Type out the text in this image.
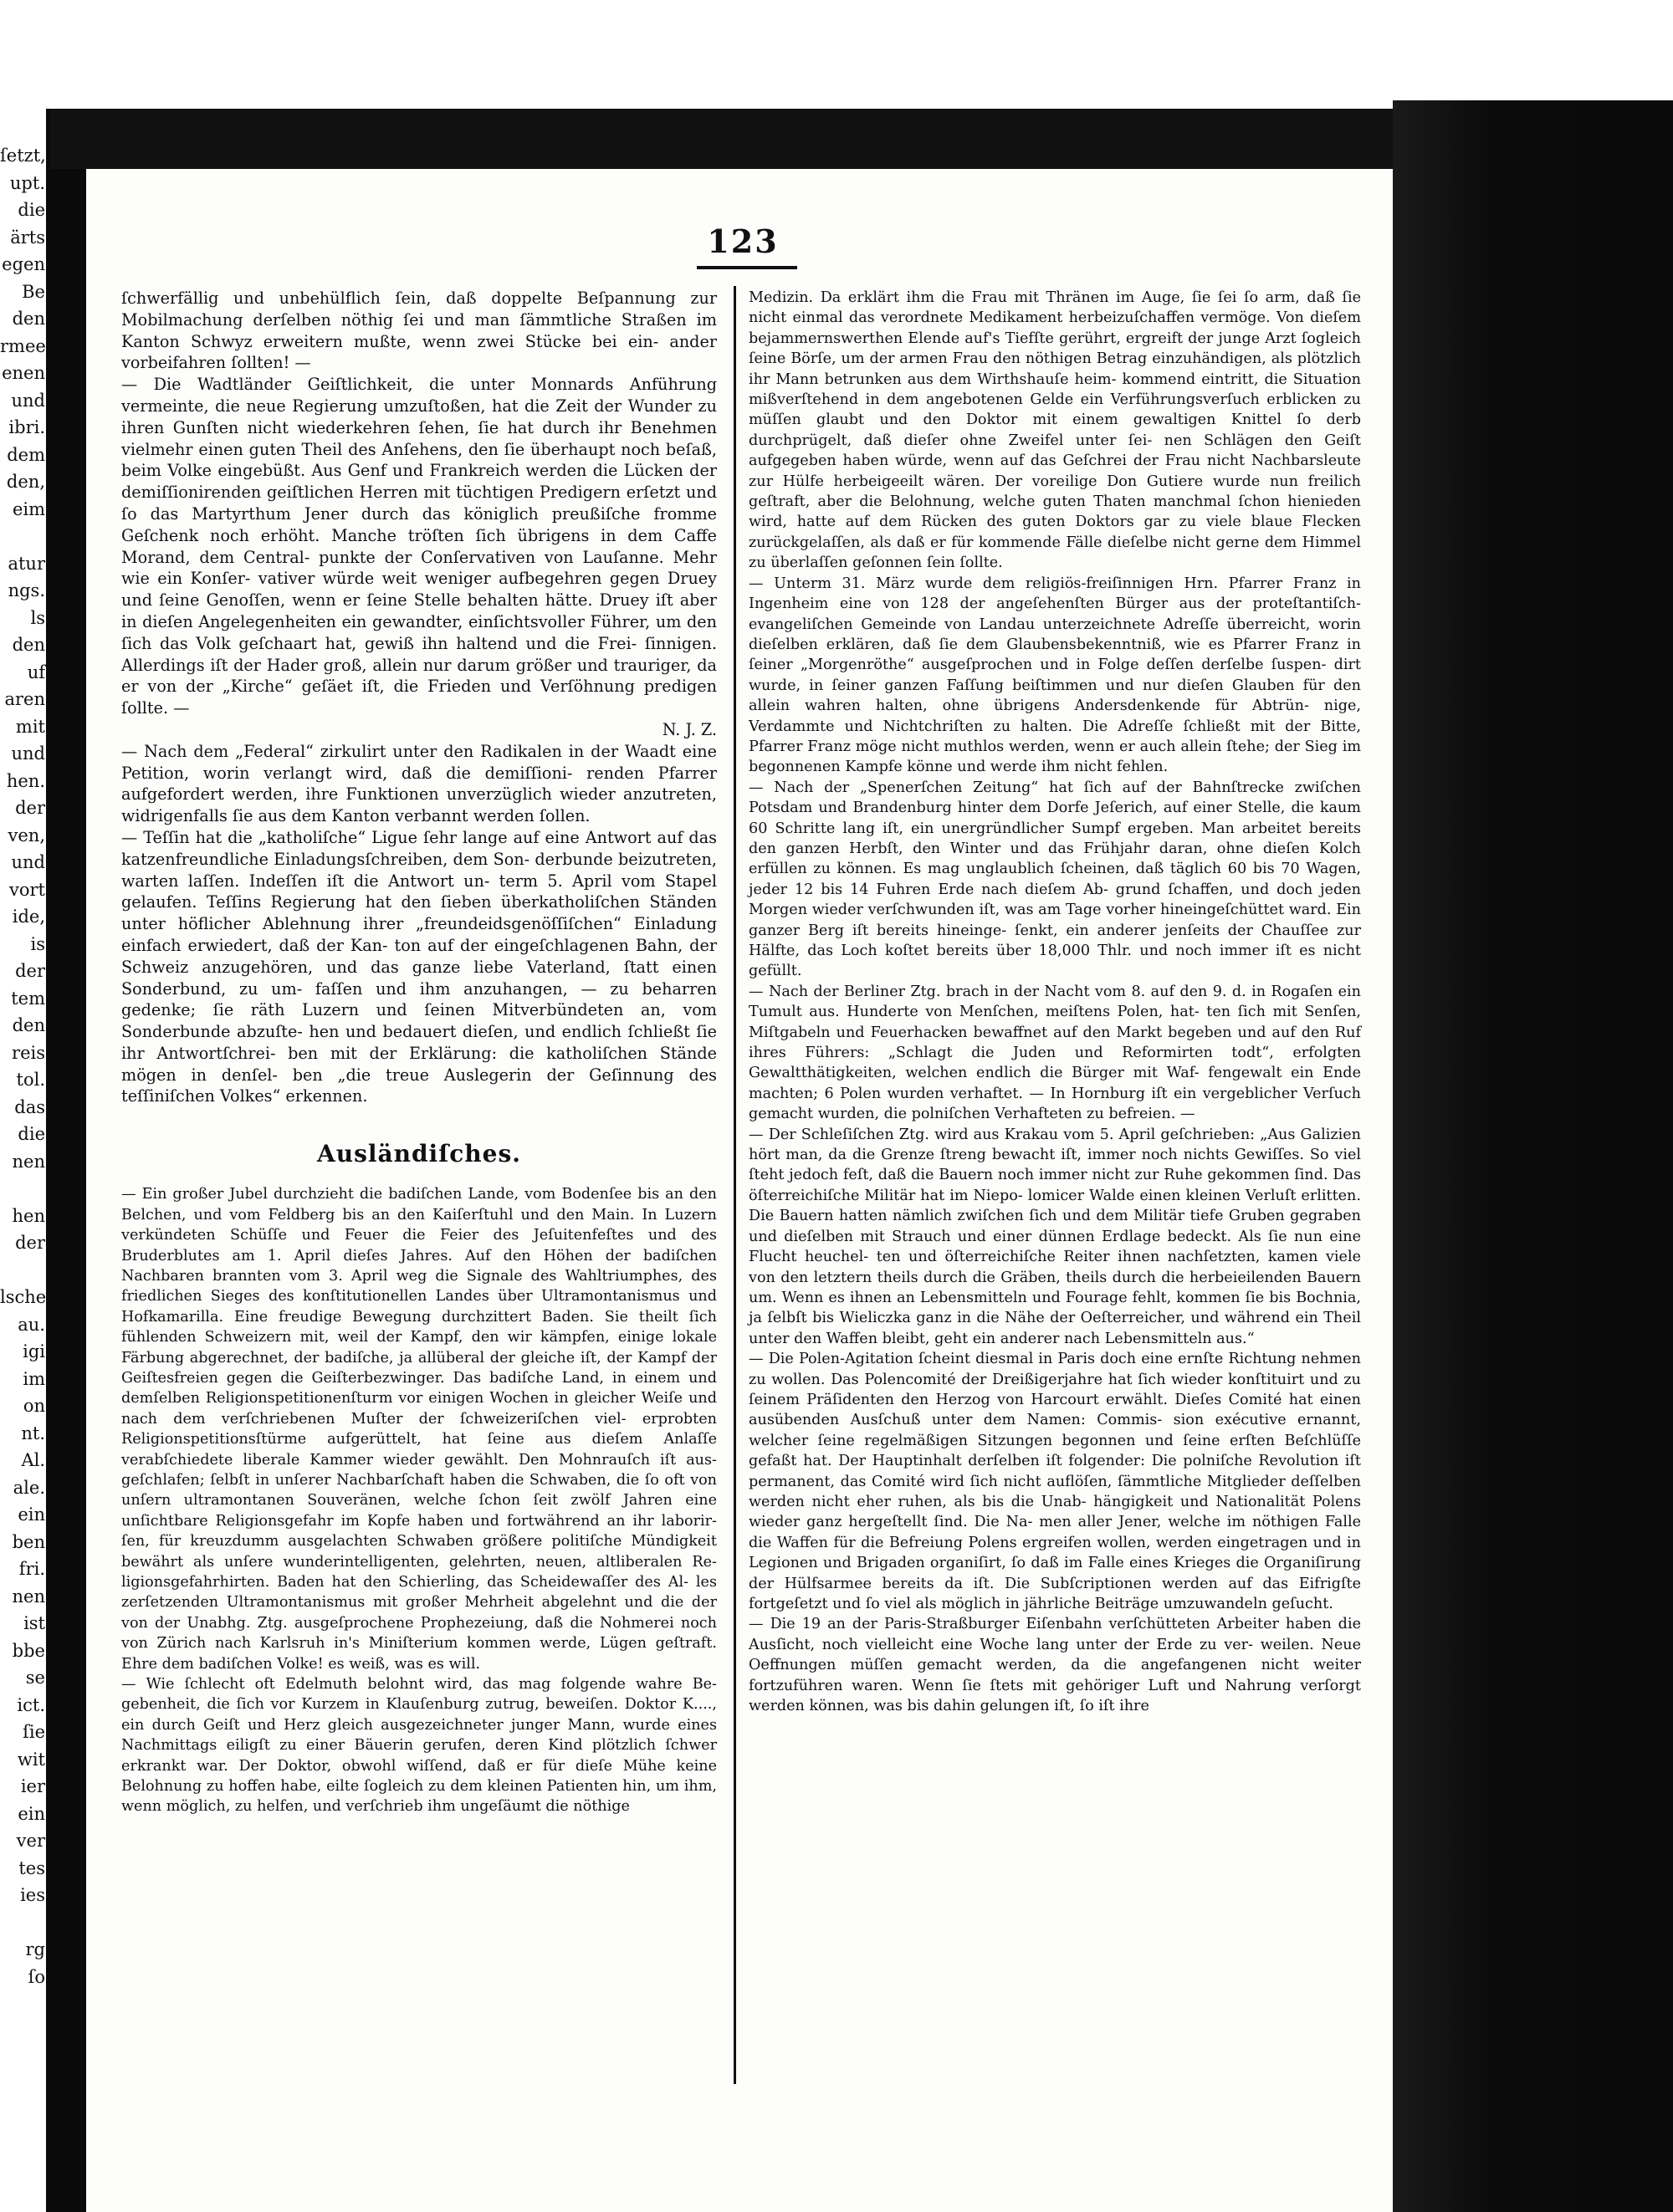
ſetzt,
upt.
die
ärts
egen
Be
den
rmee
enen
und
ibri.
dem
den,
eim

atur
ngs.
ls
den
uf
aren
mit
und
hen.
der
ven,
und
vort
ide,
is
der
tem
den
reis
tol.
das
die
nen

hen
der

lsche
au.
igi
im
on
nt.
Al.
ale.
ein
ben
fri.
nen
ist
bbe
se
ict.
ſie
wit
ier
ein
ver
tes
ies

rg
ſo
123

ſchwerfällig und unbehülflich ſein, daß doppelte Beſpannung zur Mobilmachung derſelben nöthig ſei und man ſämmtliche Straßen im Kanton Schwyz erweitern mußte, wenn zwei Stücke bei ein- ander vorbeifahren ſollten! —

— Die Wadtländer Geiſtlichkeit, die unter Monnards Anführung vermeinte, die neue Regierung umzuſtoßen, hat die Zeit der Wunder zu ihren Gunſten nicht wiederkehren ſehen, ſie hat durch ihr Benehmen vielmehr einen guten Theil des Anſehens, den ſie überhaupt noch beſaß, beim Volke eingebüßt. Aus Genf und Frankreich werden die Lücken der demiſſionirenden geiſtlichen Herren mit tüchtigen Predigern erſetzt und ſo das Martyrthum Jener durch das königlich preußiſche fromme Geſchenk noch erhöht. Manche tröſten ſich übrigens in dem Caffe Morand, dem Central- punkte der Conſervativen von Lauſanne. Mehr wie ein Konſer- vativer würde weit weniger aufbegehren gegen Druey und ſeine Genoſſen, wenn er ſeine Stelle behalten hätte. Druey iſt aber in dieſen Angelegenheiten ein gewandter, einſichtsvoller Führer, um den ſich das Volk geſchaart hat, gewiß ihn haltend und die Frei- ſinnigen. Allerdings iſt der Hader groß, allein nur darum größer und trauriger, da er von der „Kirche“ geſäet iſt, die Frieden und Verſöhnung predigen ſollte. —

N. J. Z.

— Nach dem „Federal“ zirkulirt unter den Radikalen in der Waadt eine Petition, worin verlangt wird, daß die demiſſioni- renden Pfarrer aufgefordert werden, ihre Funktionen unverzüglich wieder anzutreten, widrigenfalls ſie aus dem Kanton verbannt werden ſollen.

— Teſſin hat die „katholiſche“ Ligue ſehr lange auf eine Antwort auf das katzenfreundliche Einladungsſchreiben, dem Son- derbunde beizutreten, warten laſſen. Indeſſen iſt die Antwort un- term 5. April vom Stapel gelaufen. Teſſins Regierung hat den ſieben überkatholiſchen Ständen unter höflicher Ablehnung ihrer „freundeidsgenöſſiſchen“ Einladung einfach erwiedert, daß der Kan- ton auf der eingeſchlagenen Bahn, der Schweiz anzugehören, und das ganze liebe Vaterland, ſtatt einen Sonderbund, zu um- faſſen und ihm anzuhangen, — zu beharren gedenke; ſie räth Luzern und ſeinen Mitverbündeten an, vom Sonderbunde abzuſte- hen und bedauert dieſen, und endlich ſchließt ſie ihr Antwortſchrei- ben mit der Erklärung: die katholiſchen Stände mögen in denſel- ben „die treue Auslegerin der Geſinnung des teſſiniſchen Volkes“ erkennen.

Ausländiſches.

— Ein großer Jubel durchzieht die badiſchen Lande, vom Bodenſee bis an den Belchen, und vom Feldberg bis an den Kaiſerſtuhl und den Main. In Luzern verkündeten Schüſſe und Feuer die Feier des Jeſuitenfeſtes und des Bruderblutes am 1. April dieſes Jahres. Auf den Höhen der badiſchen Nachbaren brannten vom 3. April weg die Signale des Wahltriumphes, des friedlichen Sieges des konſtitutionellen Landes über Ultramontanismus und Hofkamarilla. Eine freudige Bewegung durchzittert Baden. Sie theilt ſich fühlenden Schweizern mit, weil der Kampf, den wir kämpfen, einige lokale Färbung abgerechnet, der badiſche, ja allüberal der gleiche iſt, der Kampf der Geiſtesfreien gegen die Geiſterbezwinger. Das badiſche Land, in einem und demſelben Religionspetitionenſturm vor einigen Wochen in gleicher Weiſe und nach dem verſchriebenen Muſter der ſchweizeriſchen viel- erprobten Religionspetitionsſtürme aufgerüttelt, hat ſeine aus dieſem Anlaſſe verabſchiedete liberale Kammer wieder gewählt. Den Mohnrauſch iſt aus- geſchlafen; ſelbſt in unſerer Nachbarſchaft haben die Schwaben, die ſo oft von unſern ultramontanen Souveränen, welche ſchon ſeit zwölf Jahren eine unſichtbare Religionsgefahr im Kopfe haben und fortwährend an ihr laborir- ſen, für kreuzdumm ausgelachten Schwaben größere politiſche Mündigkeit bewährt als unſere wunderintelligenten, gelehrten, neuen, altliberalen Re- ligionsgefahrhirten. Baden hat den Schierling, das Scheidewaſſer des Al- les zerſetzenden Ultramontanismus mit großer Mehrheit abgelehnt und die der von der Unabhg. Ztg. ausgeſprochene Prophezeiung, daß die Nohmerei noch von Zürich nach Karlsruh in's Miniſterium kommen werde, Lügen geſtraft. Ehre dem badiſchen Volke! es weiß, was es will.

— Wie ſchlecht oft Edelmuth belohnt wird, das mag folgende wahre Be- gebenheit, die ſich vor Kurzem in Klauſenburg zutrug, beweiſen. Doktor K...., ein durch Geiſt und Herz gleich ausgezeichneter junger Mann, wurde eines Nachmittags eiligſt zu einer Bäuerin gerufen, deren Kind plötzlich ſchwer erkrankt war. Der Doktor, obwohl wiſſend, daß er für dieſe Mühe keine Belohnung zu hoffen habe, eilte ſogleich zu dem kleinen Patienten hin, um ihm, wenn möglich, zu helfen, und verſchrieb ihm ungeſäumt die nöthige

Medizin. Da erklärt ihm die Frau mit Thränen im Auge, ſie ſei ſo arm, daß ſie nicht einmal das verordnete Medikament herbeizuſchaffen vermöge. Von dieſem bejammernswerthen Elende auf's Tiefſte gerührt, ergreift der junge Arzt ſogleich ſeine Börſe, um der armen Frau den nöthigen Betrag einzuhändigen, als plötzlich ihr Mann betrunken aus dem Wirthshauſe heim- kommend eintritt, die Situation mißverſtehend in dem angebotenen Gelde ein Verführungsverſuch erblicken zu müſſen glaubt und den Doktor mit einem gewaltigen Knittel ſo derb durchprügelt, daß dieſer ohne Zweifel unter ſei- nen Schlägen den Geiſt aufgegeben haben würde, wenn auf das Geſchrei der Frau nicht Nachbarsleute zur Hülfe herbeigeeilt wären. Der voreilige Don Gutiere wurde nun freilich geſtraft, aber die Belohnung, welche guten Thaten manchmal ſchon hienieden wird, hatte auf dem Rücken des guten Doktors gar zu viele blaue Flecken zurückgelaſſen, als daß er für kommende Fälle dieſelbe nicht gerne dem Himmel zu überlaſſen geſonnen ſein ſollte.

— Unterm 31. März wurde dem religiös-freiſinnigen Hrn. Pfarrer Franz in Ingenheim eine von 128 der angeſehenſten Bürger aus der proteſtantiſch- evangeliſchen Gemeinde von Landau unterzeichnete Adreſſe überreicht, worin dieſelben erklären, daß ſie dem Glaubensbekenntniß, wie es Pfarrer Franz in ſeiner „Morgenröthe“ ausgeſprochen und in Folge deſſen derſelbe ſuspen- dirt wurde, in ſeiner ganzen Faſſung beiſtimmen und nur dieſen Glauben für den allein wahren halten, ohne übrigens Andersdenkende für Abtrün- nige, Verdammte und Nichtchriſten zu halten. Die Adreſſe ſchließt mit der Bitte, Pfarrer Franz möge nicht muthlos werden, wenn er auch allein ſtehe; der Sieg im begonnenen Kampfe könne und werde ihm nicht fehlen.

— Nach der „Spenerſchen Zeitung“ hat ſich auf der Bahnſtrecke zwiſchen Potsdam und Brandenburg hinter dem Dorfe Jeſerich, auf einer Stelle, die kaum 60 Schritte lang iſt, ein unergründlicher Sumpf ergeben. Man arbeitet bereits den ganzen Herbſt, den Winter und das Frühjahr daran, ohne dieſen Kolch erfüllen zu können. Es mag unglaublich ſcheinen, daß täglich 60 bis 70 Wagen, jeder 12 bis 14 Fuhren Erde nach dieſem Ab- grund ſchaffen, und doch jeden Morgen wieder verſchwunden iſt, was am Tage vorher hineingeſchüttet ward. Ein ganzer Berg iſt bereits hineinge- ſenkt, ein anderer jenſeits der Chauſſee zur Hälfte, das Loch koſtet bereits über 18,000 Thlr. und noch immer iſt es nicht gefüllt.

— Nach der Berliner Ztg. brach in der Nacht vom 8. auf den 9. d. in Rogaſen ein Tumult aus. Hunderte von Menſchen, meiſtens Polen, hat- ten ſich mit Senſen, Miſtgabeln und Feuerhacken bewaffnet auf den Markt begeben und auf den Ruf ihres Führers: „Schlagt die Juden und Reformirten todt“, erfolgten Gewaltthätigkeiten, welchen endlich die Bürger mit Waf- fengewalt ein Ende machten; 6 Polen wurden verhaftet. — In Hornburg iſt ein vergeblicher Verſuch gemacht wurden, die polniſchen Verhafteten zu befreien. —

— Der Schleſiſchen Ztg. wird aus Krakau vom 5. April geſchrieben: „Aus Galizien hört man, da die Grenze ſtreng bewacht iſt, immer noch nichts Gewiſſes. So viel ſteht jedoch feſt, daß die Bauern noch immer nicht zur Ruhe gekommen ſind. Das öſterreichiſche Militär hat im Niepo- lomicer Walde einen kleinen Verluſt erlitten. Die Bauern hatten nämlich zwiſchen ſich und dem Militär tiefe Gruben gegraben und dieſelben mit Strauch und einer dünnen Erdlage bedeckt. Als ſie nun eine Flucht heuchel- ten und öſterreichiſche Reiter ihnen nachſetzten, kamen viele von den letztern theils durch die Gräben, theils durch die herbeieilenden Bauern um. Wenn es ihnen an Lebensmitteln und Fourage fehlt, kommen ſie bis Bochnia, ja ſelbſt bis Wieliczka ganz in die Nähe der Oeſterreicher, und während ein Theil unter den Waffen bleibt, geht ein anderer nach Lebensmitteln aus.“

— Die Polen-Agitation ſcheint diesmal in Paris doch eine ernſte Richtung nehmen zu wollen. Das Polencomité der Dreißigerjahre hat ſich wieder konſtituirt und zu ſeinem Präſidenten den Herzog von Harcourt erwählt. Dieſes Comité hat einen ausübenden Ausſchuß unter dem Namen: Commis- sion exécutive ernannt, welcher ſeine regelmäßigen Sitzungen begonnen und ſeine erſten Beſchlüſſe gefaßt hat. Der Hauptinhalt derſelben iſt folgender: Die polniſche Revolution iſt permanent, das Comité wird ſich nicht auflöſen, ſämmtliche Mitglieder deſſelben werden nicht eher ruhen, als bis die Unab- hängigkeit und Nationalität Polens wieder ganz hergeſtellt ſind. Die Na- men aller Jener, welche im nöthigen Falle die Waffen für die Befreiung Polens ergreifen wollen, werden eingetragen und in Legionen und Brigaden organiſirt, ſo daß im Falle eines Krieges die Organiſirung der Hülfsarmee bereits da iſt. Die Subſcriptionen werden auf das Eifrigſte fortgeſetzt und ſo viel als möglich in jährliche Beiträge umzuwandeln geſucht.

— Die 19 an der Paris-Straßburger Eiſenbahn verſchütteten Arbeiter haben die Ausſicht, noch vielleicht eine Woche lang unter der Erde zu ver- weilen. Neue Oeffnungen müſſen gemacht werden, da die angefangenen nicht weiter fortzuführen waren. Wenn ſie ſtets mit gehöriger Luft und Nahrung verſorgt werden können, was bis dahin gelungen iſt, ſo iſt ihre
